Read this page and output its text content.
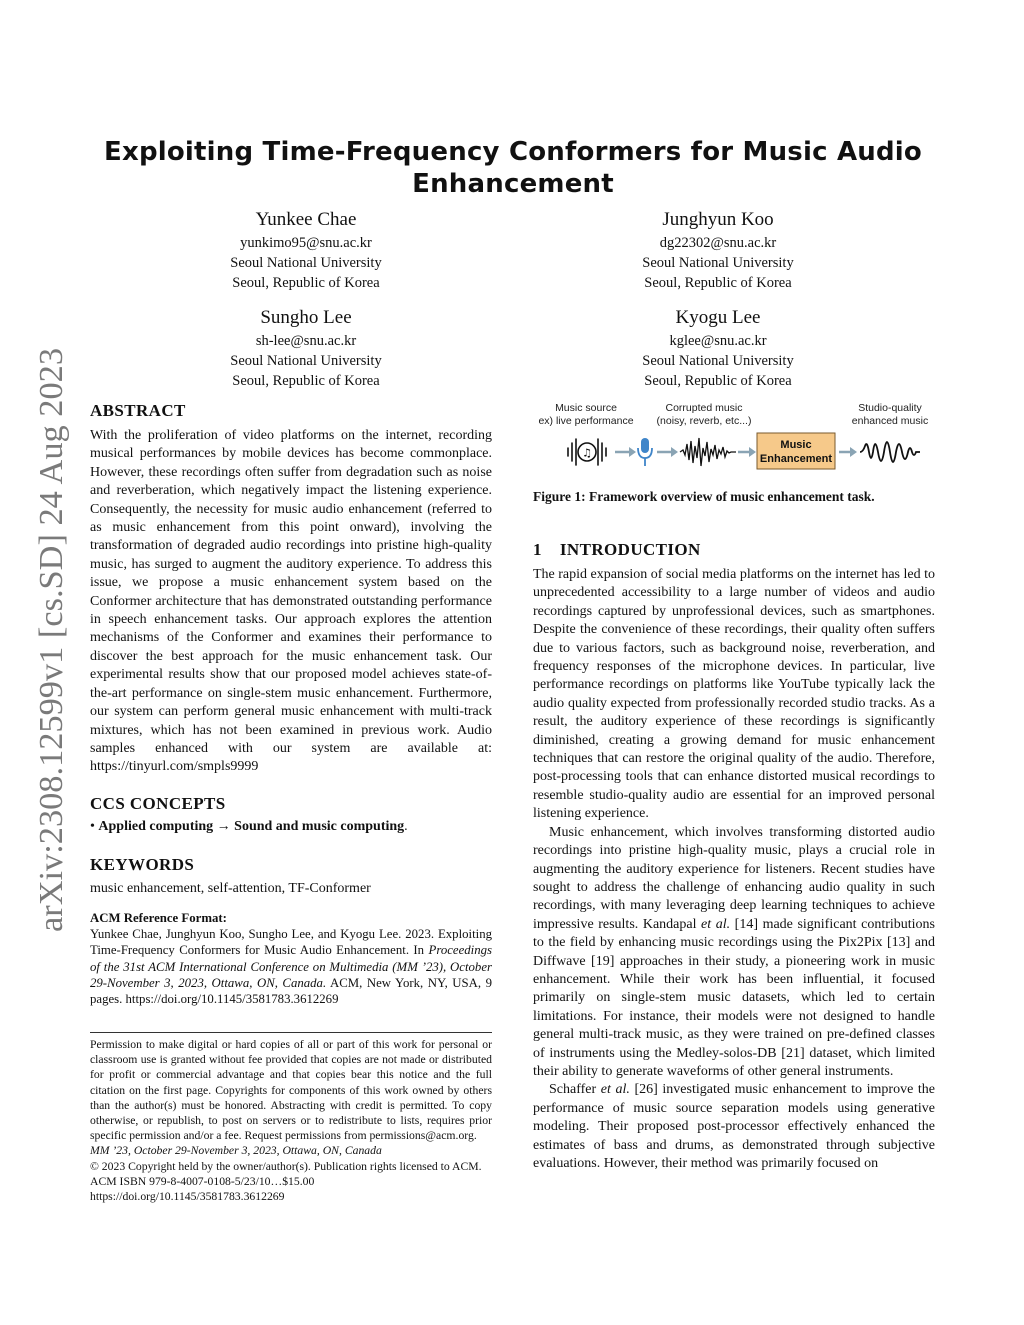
arXiv:2308.12599v1 [cs.SD] 24 Aug 2023
Exploiting Time-Frequency Conformers for Music Audio
Enhancement
Yunkee Chae
yunkimo95@snu.ac.kr
Seoul National University
Seoul, Republic of Korea
Junghyun Koo
dg22302@snu.ac.kr
Seoul National University
Seoul, Republic of Korea
Sungho Lee
sh-lee@snu.ac.kr
Seoul National University
Seoul, Republic of Korea
Kyogu Lee
kglee@snu.ac.kr
Seoul National University
Seoul, Republic of Korea
ABSTRACT

With the proliferation of video platforms on the internet, recording musical performances by mobile devices has become commonplace. However, these recordings often suffer from degradation such as noise and reverberation, which negatively impact the listening experience. Consequently, the necessity for music audio enhancement (referred to as music enhancement from this point onward), involving the transformation of degraded audio recordings into pristine high-quality music, has surged to augment the auditory experience. To address this issue, we propose a music enhancement system based on the Conformer architecture that has demonstrated outstanding performance in speech enhancement tasks. Our approach explores the attention mechanisms of the Conformer and examines their performance to discover the best approach for the music enhancement task. Our experimental results show that our proposed model achieves state-of-the-art performance on single-stem music enhancement. Furthermore, our system can perform general music enhancement with multi-track mixtures, which has not been examined in previous work. Audio samples enhanced with our system are available at: https://tinyurl.com/smpls9999

CCS CONCEPTS
• Applied computing → Sound and music computing.
KEYWORDS
music enhancement, self-attention, TF-Conformer

ACM Reference Format:

Yunkee Chae, Junghyun Koo, Sungho Lee, and Kyogu Lee. 2023. Exploiting Time-Frequency Conformers for Music Audio Enhancement. In Proceedings of the 31st ACM International Conference on Multimedia (MM ’23), October 29-November 3, 2023, Ottawa, ON, Canada. ACM, New York, NY, USA, 9 pages. https://doi.org/10.1145/3581783.3612269

Permission to make digital or hard copies of all or part of this work for personal or classroom use is granted without fee provided that copies are not made or distributed for profit or commercial advantage and that copies bear this notice and the full citation on the first page. Copyrights for components of this work owned by others than the author(s) must be honored. Abstracting with credit is permitted. To copy otherwise, or republish, to post on servers or to redistribute to lists, requires prior specific permission and/or a fee. Request permissions from permissions@acm.org.

MM ’23, October 29-November 3, 2023, Ottawa, ON, Canada

© 2023 Copyright held by the owner/author(s). Publication rights licensed to ACM.

ACM ISBN 979-8-4007-0108-5/23/10…$15.00

https://doi.org/10.1145/3581783.3612269

Music source
ex) live performance
Corrupted music
(noisy, reverb, etc...)
Studio-quality
enhanced music
♫
Music
Enhancement
Figure 1: Framework overview of music enhancement task.
1 INTRODUCTION

The rapid expansion of social media platforms on the internet has led to unprecedented accessibility to a large number of videos and audio recordings captured by unprofessional devices, such as smartphones. Despite the convenience of these recordings, their quality often suffers due to various factors, such as background noise, reverberation, and frequency responses of the microphone devices. In particular, live performance recordings on platforms like YouTube typically lack the audio quality expected from professionally recorded studio tracks. As a result, the auditory experience of these recordings is significantly diminished, creating a growing demand for music enhancement techniques that can restore the original quality of the audio. Therefore, post-processing tools that can enhance distorted musical recordings to resemble studio-quality audio are essential for an improved personal listening experience.

Music enhancement, which involves transforming distorted audio recordings into pristine high-quality music, plays a crucial role in augmenting the auditory experience for listeners. Recent studies have sought to address the challenge of enhancing audio quality in such recordings, with many leveraging deep learning techniques to achieve impressive results. Kandapal et al. [14] made significant contributions to the field by enhancing music recordings using the Pix2Pix [13] and Diffwave [19] approaches in their study, a pioneering work in music enhancement. While their work has been influential, it focused primarily on single-stem music datasets, which led to certain limitations. For instance, their models were not designed to handle general multi-track music, as they were trained on pre-defined classes of instruments using the Medley-solos-DB [21] dataset, which limited their ability to generate waveforms of other general instruments.

Schaffer et al. [26] investigated music enhancement to improve the performance of music source separation models using generative modeling. Their proposed post-processor effectively enhanced the estimates of bass and drums, as demonstrated through subjective evaluations. However, their method was primarily focused on
